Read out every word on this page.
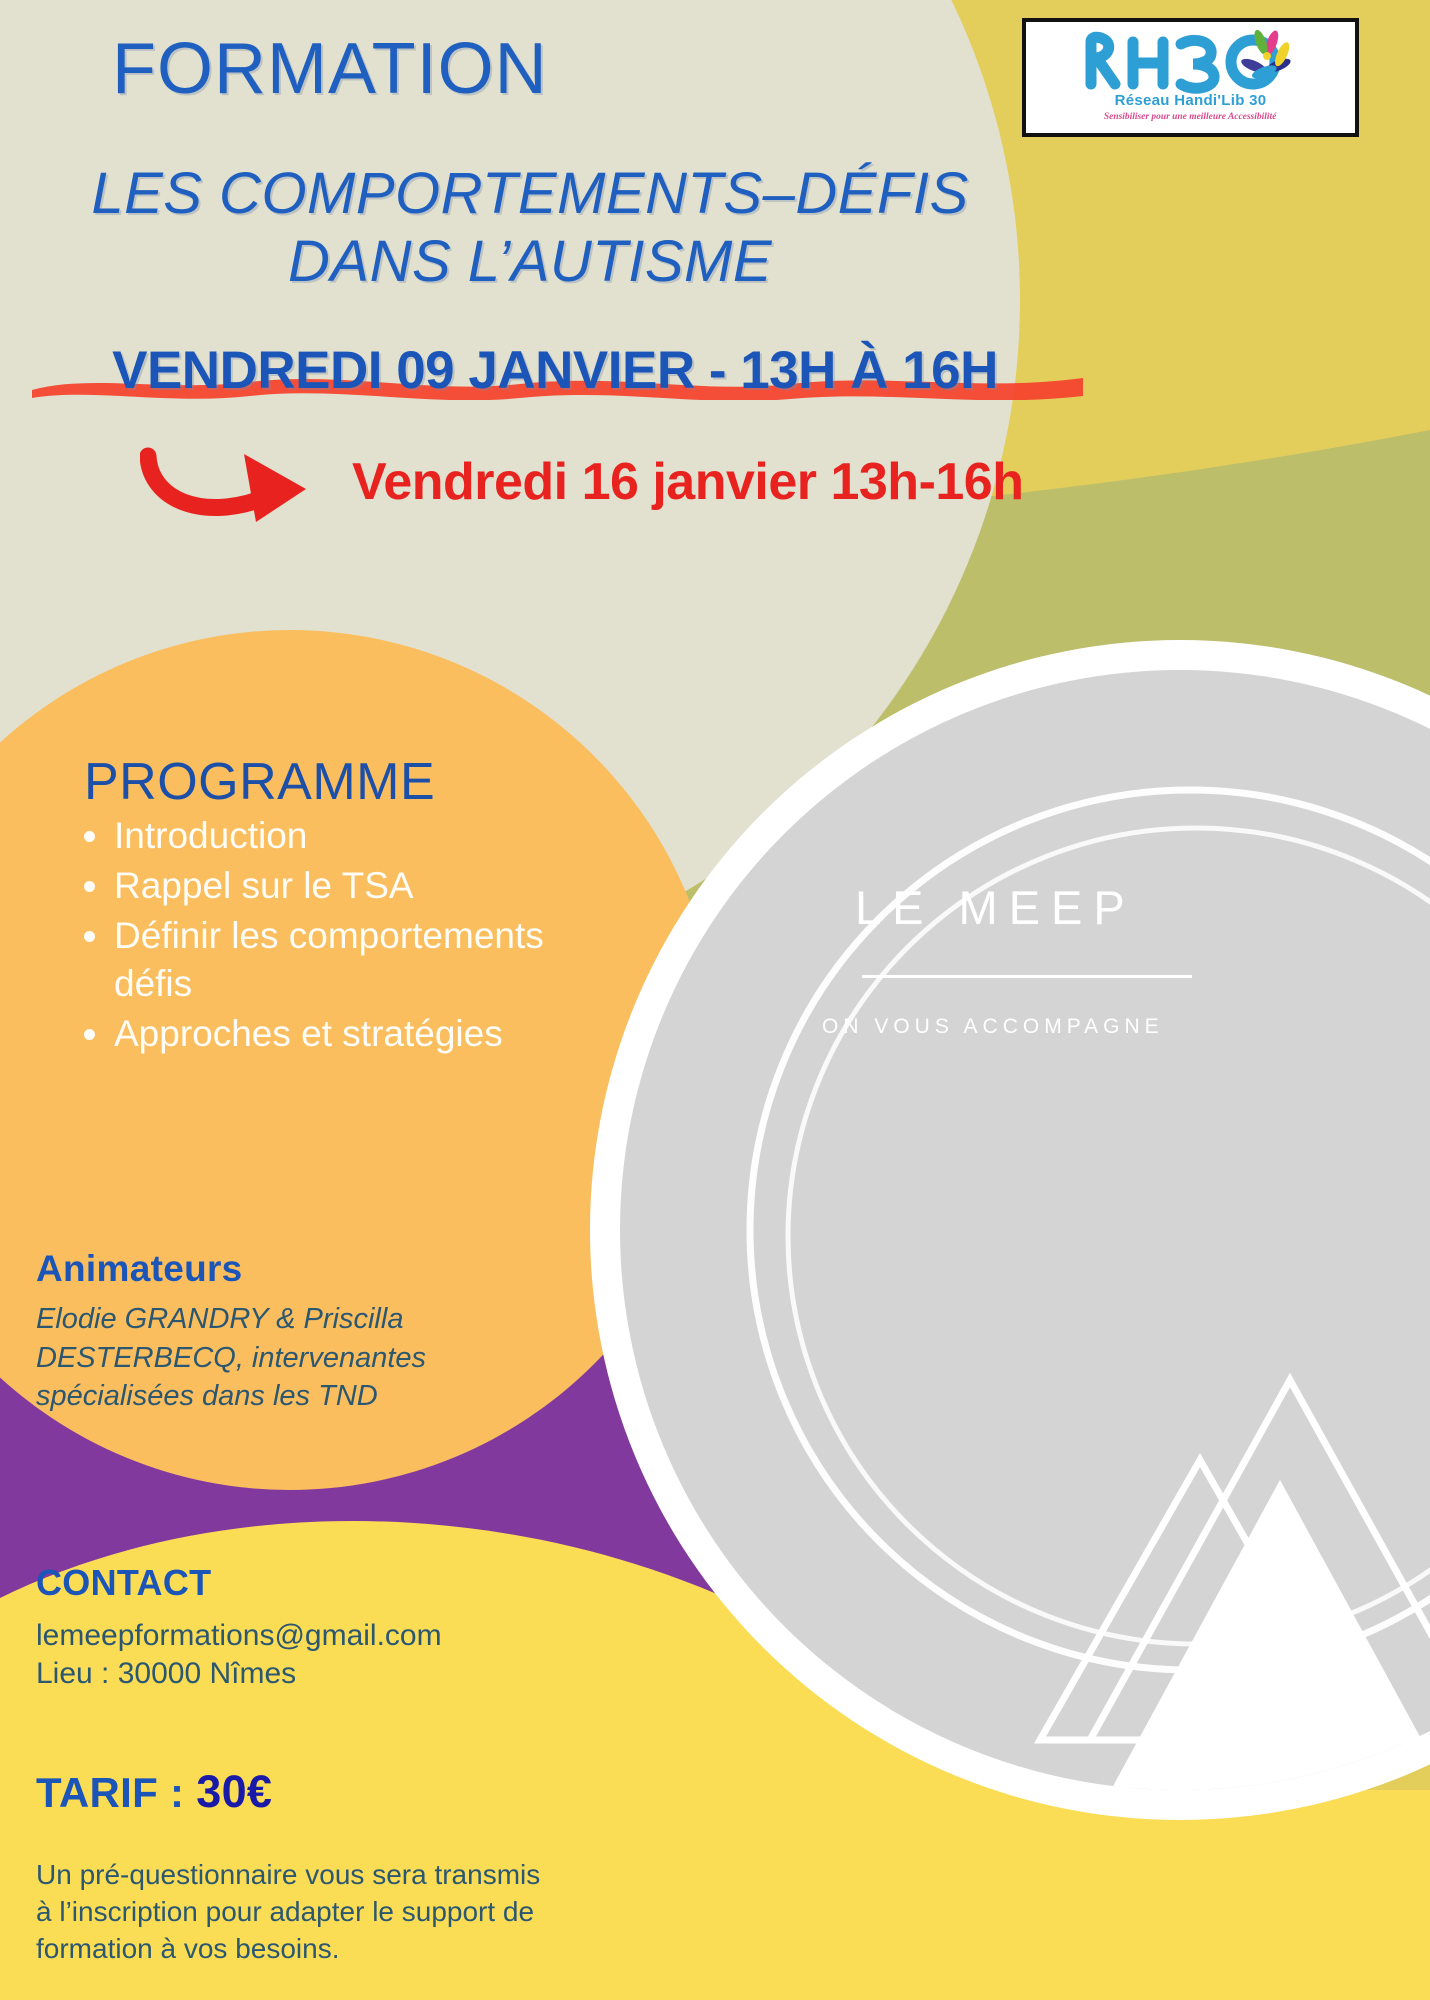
Réseau Handi'Lib 30
Sensibiliser pour une meilleure Accessibilité
FORMATION
LES COMPORTEMENTS–DÉFIS
DANS L’AUTISME
VENDREDI 09 JANVIER - 13H À 16H
Vendredi 16 janvier 13h-16h
PROGRAMME
Introduction
Rappel sur le TSA
Définir les comportements défis
Approches et stratégies
Animateurs
Elodie GRANDRY & Priscilla DESTERBECQ, intervenantes spécialisées dans les TND
CONTACT
lemeepformations@gmail.com
Lieu : 30000 Nîmes
TARIF : 30€
Un pré-questionnaire vous sera transmis à l’inscription pour adapter le support de formation à vos besoins.
LE MEEP
ON VOUS ACCOMPAGNE
